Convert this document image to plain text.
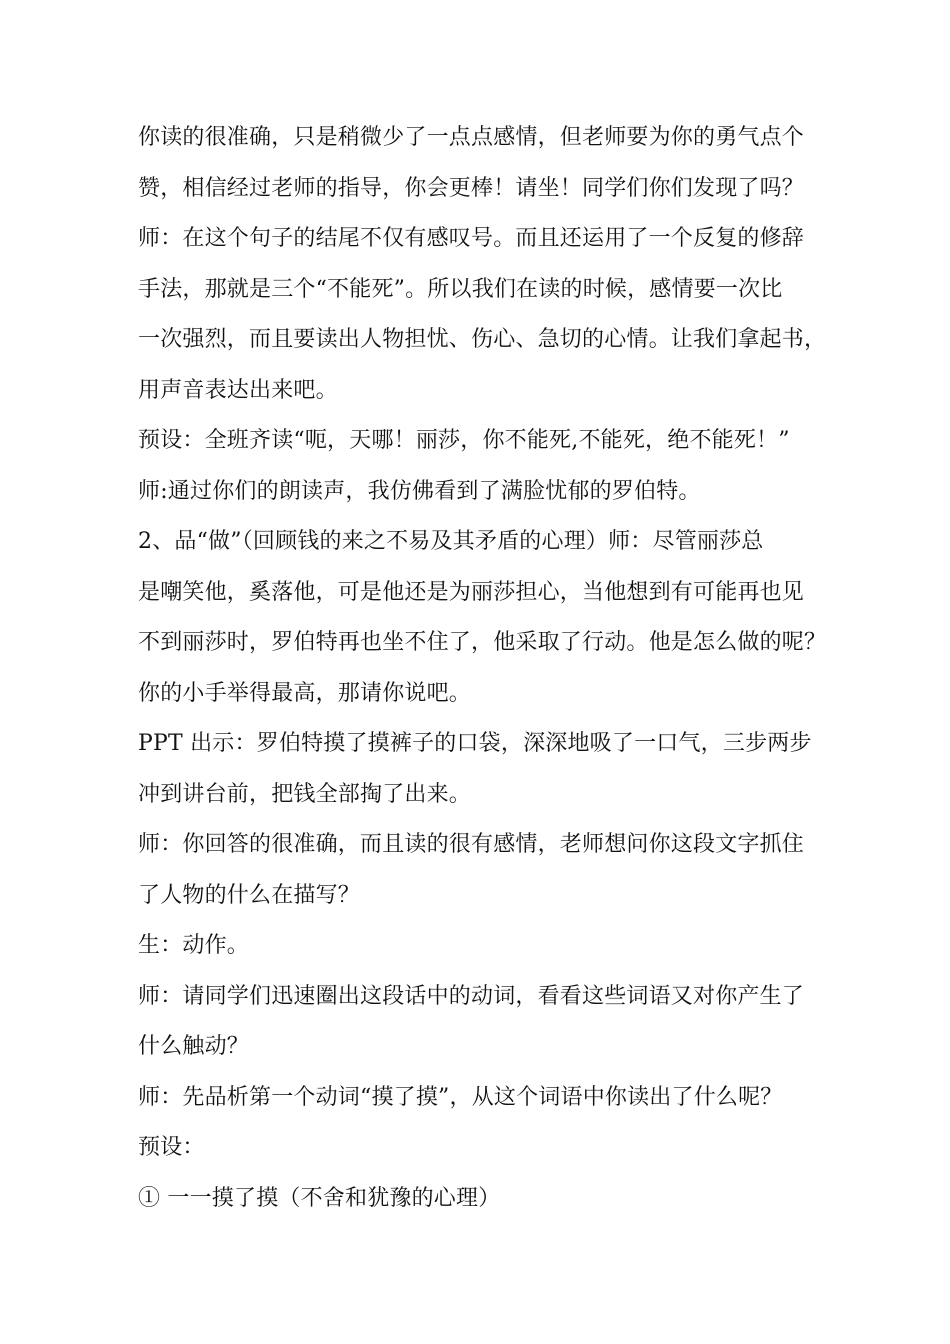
你读的很准确，只是稍微少了一点点感情，但老师要为你的勇气点个
赞，相信经过老师的指导，你会更棒！请坐！同学们你们发现了吗？
师：在这个句子的结尾不仅有感叹号。而且还运用了一个反复的修辞
手法，那就是三个“不能死”。所以我们在读的时候，感情要一次比
一次强烈，而且要读出人物担忧、伤心、急切的心情。让我们拿起书，
用声音表达出来吧。
预设：全班齐读“呃，天哪！丽莎，你不能死,不能死，绝不能死！”
师:通过你们的朗读声，我仿佛看到了满脸忧郁的罗伯特。
2、品“做”（回顾钱的来之不易及其矛盾的心理）师：尽管丽莎总
是嘲笑他，奚落他，可是他还是为丽莎担心，当他想到有可能再也见
不到丽莎时，罗伯特再也坐不住了，他采取了行动。他是怎么做的呢？
你的小手举得最高，那请你说吧。
PPT 出示：罗伯特摸了摸裤子的口袋，深深地吸了一口气，三步两步
冲到讲台前，把钱全部掏了出来。
师：你回答的很准确，而且读的很有感情，老师想问你这段文字抓住
了人物的什么在描写？
生：动作。
师：请同学们迅速圈出这段话中的动词，看看这些词语又对你产生了
什么触动？
师：先品析第一个动词“摸了摸”，从这个词语中你读出了什么呢？
预设：
① 一一摸了摸（不舍和犹豫的心理）
